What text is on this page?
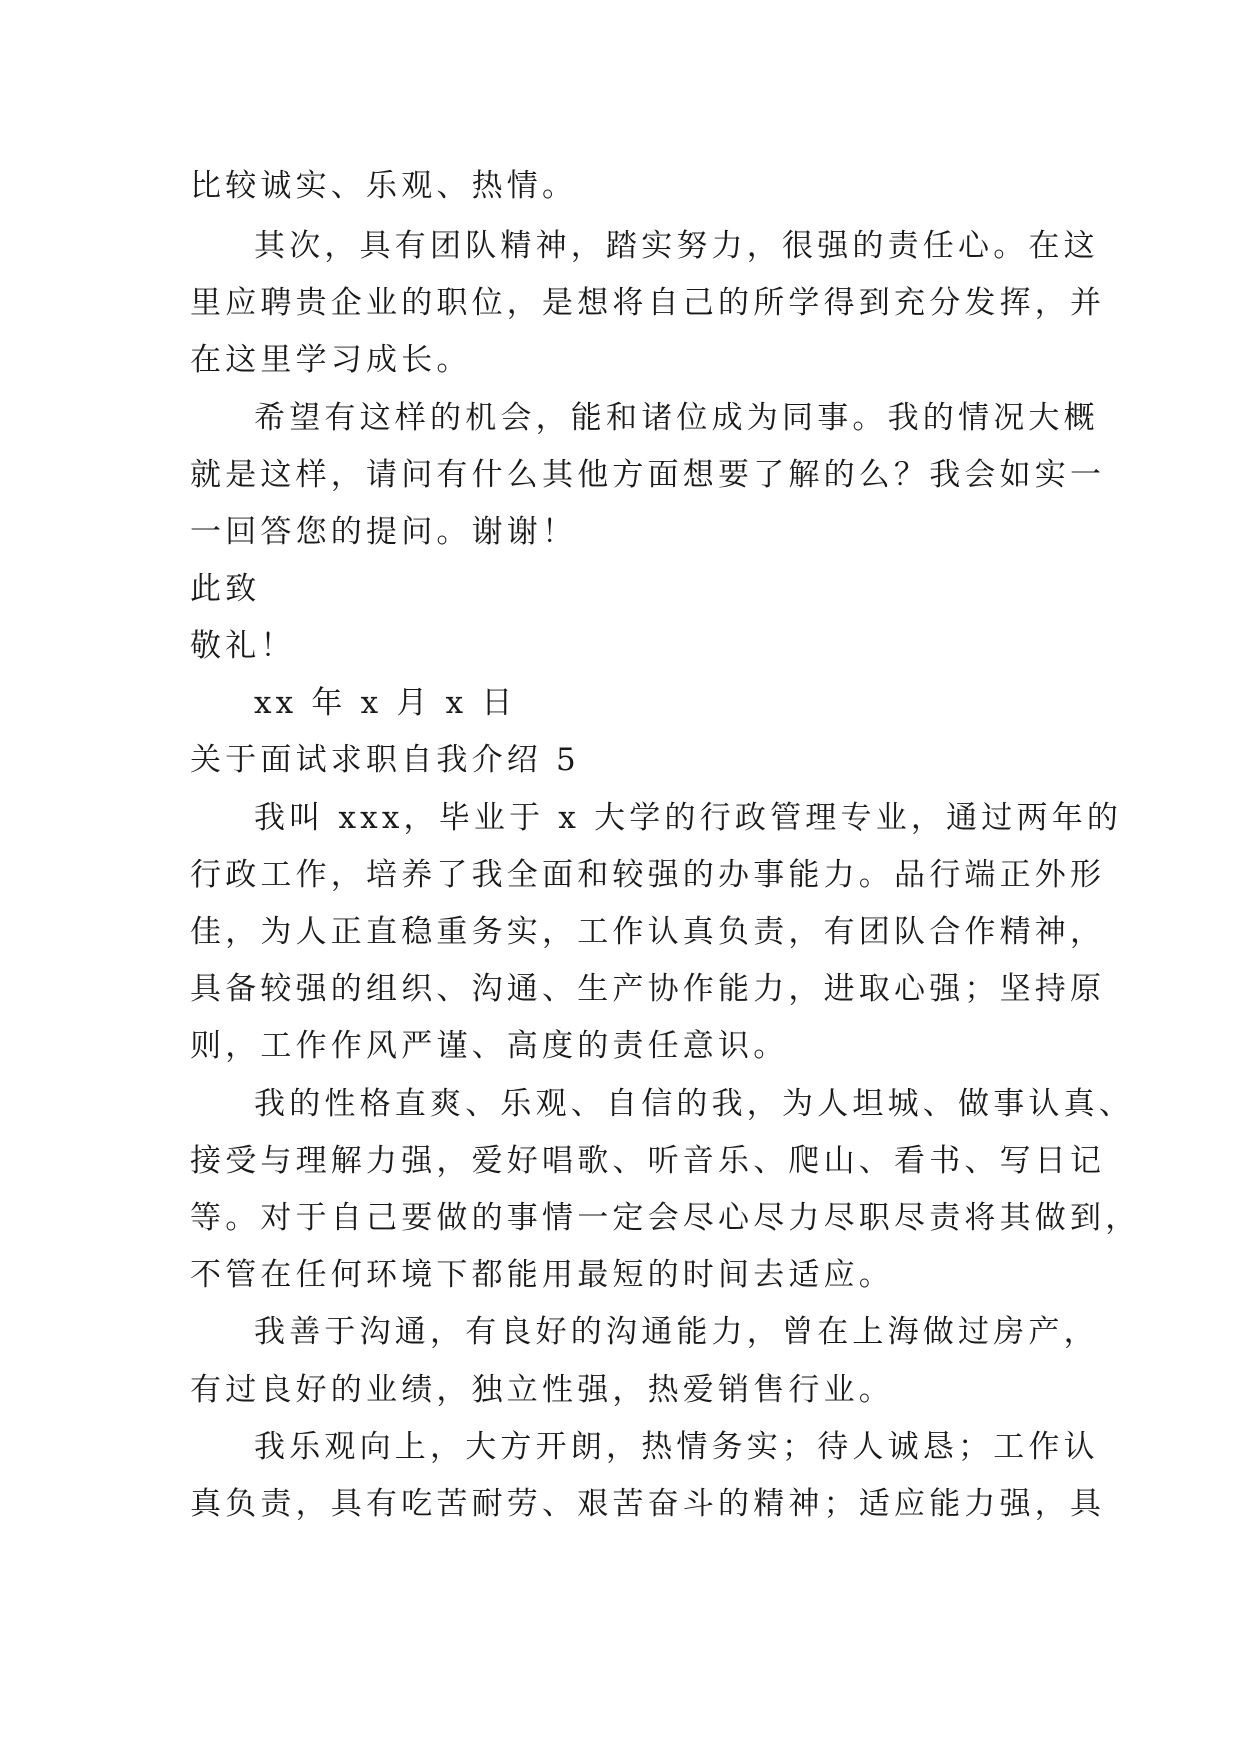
比较诚实、乐观、热情。
其次，具有团队精神，踏实努力，很强的责任心。在这
里应聘贵企业的职位，是想将自己的所学得到充分发挥，并
在这里学习成长。
希望有这样的机会，能和诸位成为同事。我的情况大概
就是这样，请问有什么其他方面想要了解的么？我会如实一
一回答您的提问。谢谢！
此致
敬礼！
xx 年 x 月 x 日
关于面试求职自我介绍 5
我叫 xxx，毕业于 x 大学的行政管理专业，通过两年的
行政工作，培养了我全面和较强的办事能力。品行端正外形
佳，为人正直稳重务实，工作认真负责，有团队合作精神，
具备较强的组织、沟通、生产协作能力，进取心强；坚持原
则，工作作风严谨、高度的责任意识。
我的性格直爽、乐观、自信的我，为人坦城、做事认真、
接受与理解力强，爱好唱歌、听音乐、爬山、看书、写日记
等。对于自己要做的事情一定会尽心尽力尽职尽责将其做到，
不管在任何环境下都能用最短的时间去适应。
我善于沟通，有良好的沟通能力，曾在上海做过房产，
有过良好的业绩，独立性强，热爱销售行业。
我乐观向上，大方开朗，热情务实；待人诚恳；工作认
真负责，具有吃苦耐劳、艰苦奋斗的精神；适应能力强，具
